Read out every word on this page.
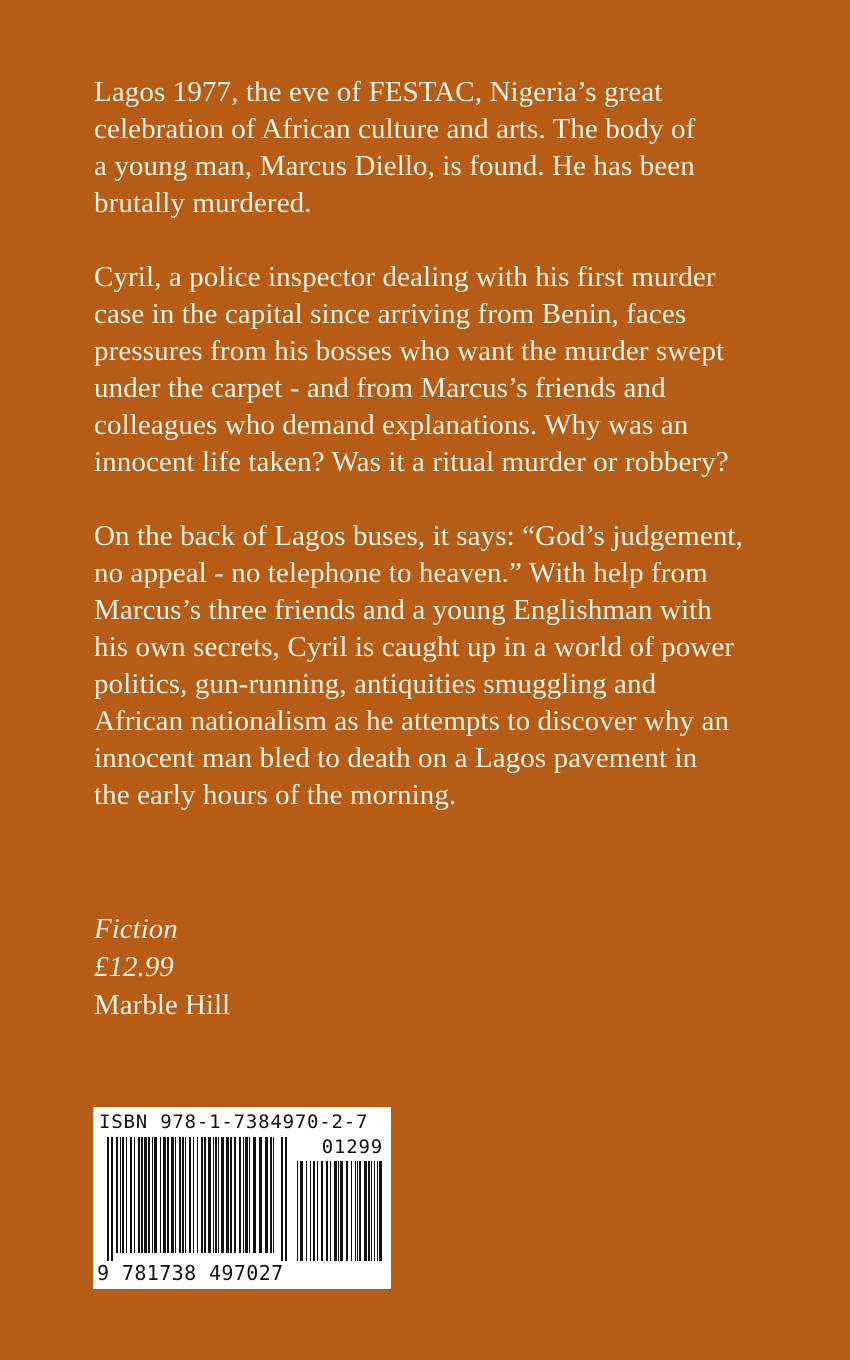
Lagos 1977, the eve of FESTAC, Nigeria’s great
celebration of African culture and arts. The body of
a young man, Marcus Diello, is found. He has been
brutally murdered.

Cyril, a police inspector dealing with his first murder
case in the capital since arriving from Benin, faces
pressures from his bosses who want the murder swept
under the carpet - and from Marcus’s friends and
colleagues who demand explanations. Why was an
innocent life taken? Was it a ritual murder or robbery?

On the back of Lagos buses, it says: “God’s judgement,
no appeal - no telephone to heaven.” With help from
Marcus’s three friends and a young Englishman with
his own secrets, Cyril is caught up in a world of power
politics, gun-running, antiquities smuggling and
African nationalism as he attempts to discover why an
innocent man bled to death on a Lagos pavement in
the early hours of the morning.

Fiction
£12.99
Marble Hill
ISBN 978-1-7384970-2-7
01299
9 781738 497027
